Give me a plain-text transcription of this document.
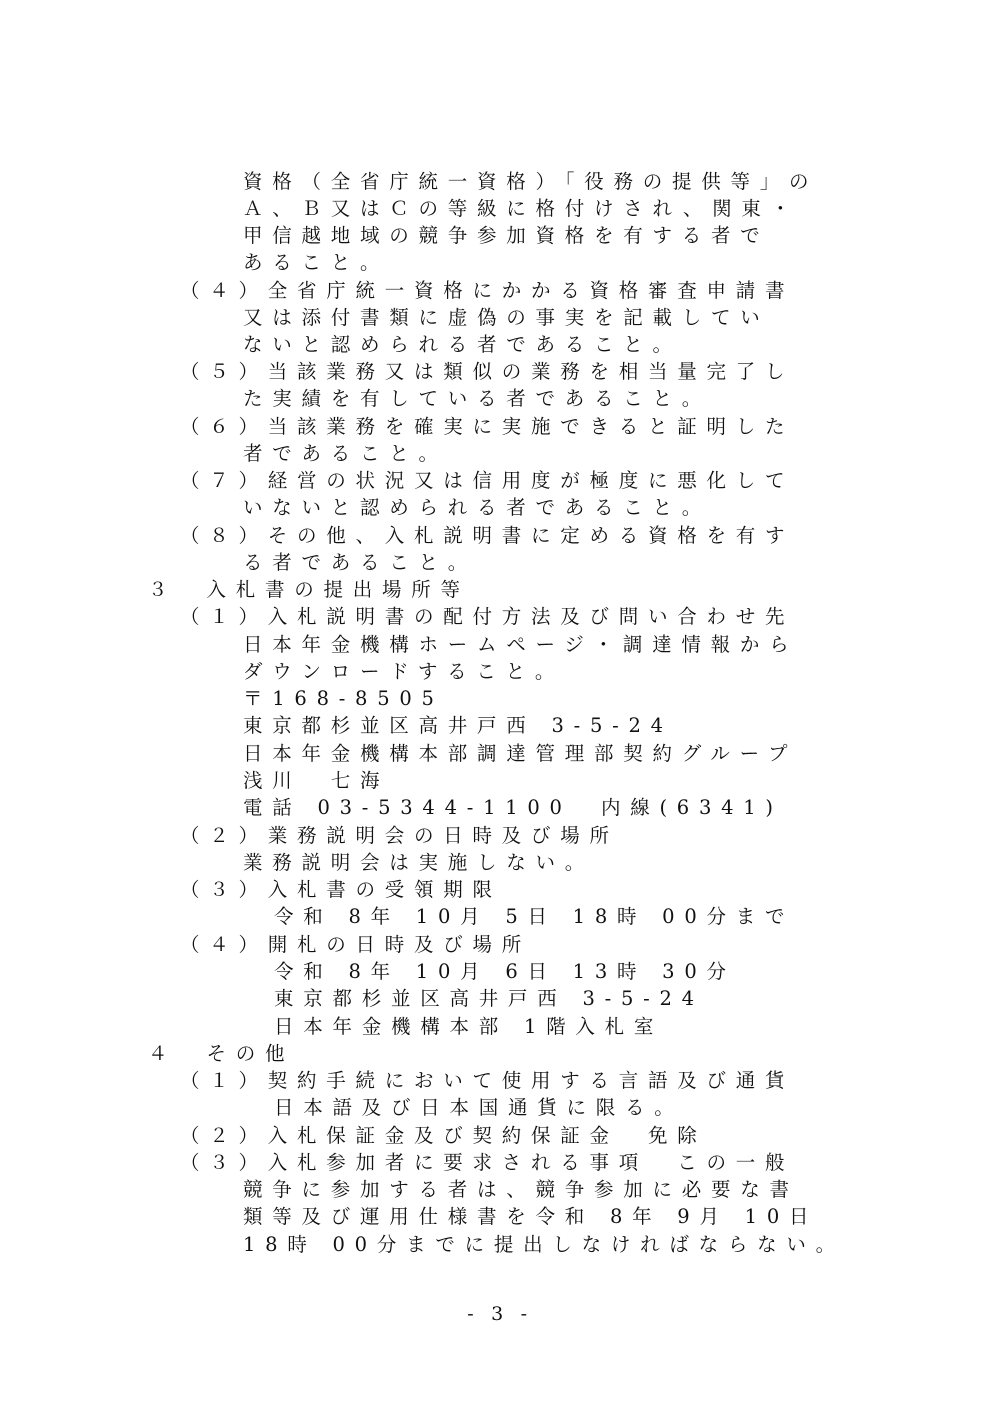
資格（全省庁統一資格）「役務の提供等」の
Ａ、Ｂ又はＣの等級に格付けされ、関東・
甲信越地域の競争参加資格を有する者で
あること。
（４）全省庁統一資格にかかる資格審査申請書
又は添付書類に虚偽の事実を記載してい
ないと認められる者であること。
（５）当該業務又は類似の業務を相当量完了し
た実績を有している者であること。
（６）当該業務を確実に実施できると証明した
者であること。
（７）経営の状況又は信用度が極度に悪化して
いないと認められる者であること。
（８）その他、入札説明書に定める資格を有す
る者であること。
３　入札書の提出場所等
（１）入札説明書の配付方法及び問い合わせ先
日本年金機構ホームページ・調達情報から
ダウンロードすること。
〒168-8505
東京都杉並区高井戸西 3-5-24
日本年金機構本部調達管理部契約グループ
浅川　七海
電話 03-5344-1100　内線(6341)
（２）業務説明会の日時及び場所
業務説明会は実施しない。
（３）入札書の受領期限
令和 8年 10月 5日 18時 00分まで
（４）開札の日時及び場所
令和 8年 10月 6日 13時 30分
東京都杉並区高井戸西 3-5-24
日本年金機構本部 1階入札室
４　その他
（１）契約手続において使用する言語及び通貨
日本語及び日本国通貨に限る。
（２）入札保証金及び契約保証金　免除
（３）入札参加者に要求される事項　この一般
競争に参加する者は、競争参加に必要な書
類等及び運用仕様書を令和 8年 9月 10日
18時 00分までに提出しなければならない。
- 3 -
